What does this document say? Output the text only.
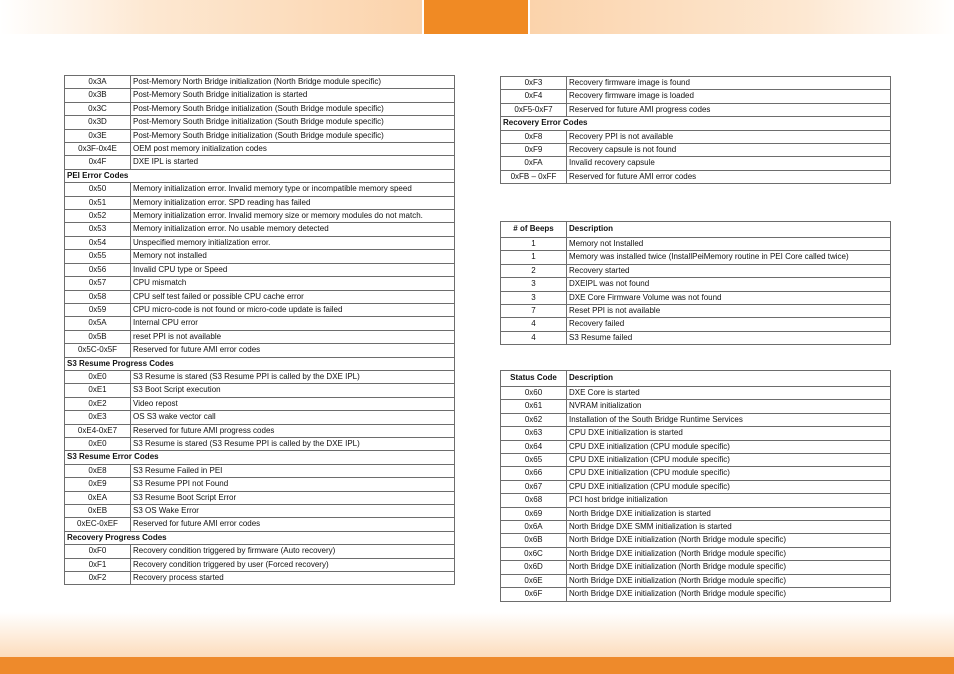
0x3A	Post-Memory North Bridge initialization (North Bridge module specific)
0x3B	Post-Memory South Bridge initialization is started
0x3C	Post-Memory South Bridge initialization (South Bridge module specific)
0x3D	Post-Memory South Bridge initialization (South Bridge module specific)
0x3E	Post-Memory South Bridge initialization (South Bridge module specific)
0x3F-0x4E	OEM post memory initialization codes
0x4F	DXE IPL is started
PEI Error Codes	
0x50	Memory initialization error. Invalid memory type or incompatible memory speed
0x51	Memory initialization error. SPD reading has failed
0x52	Memory initialization error. Invalid memory size or memory modules do not match.
0x53	Memory initialization error. No usable memory detected
0x54	Unspecified memory initialization error.
0x55	Memory not installed
0x56	Invalid CPU type or Speed
0x57	CPU mismatch
0x58	CPU self test failed or possible CPU cache error
0x59	CPU micro-code is not found or micro-code update is failed
0x5A	Internal CPU error
0x5B	reset PPI is not available
0x5C-0x5F	Reserved for future AMI error codes
S3 Resume Progress Codes	
0xE0	S3 Resume is stared (S3 Resume PPI is called by the DXE IPL)
0xE1	S3 Boot Script execution
0xE2	Video repost
0xE3	OS S3 wake vector call
0xE4-0xE7	Reserved for future AMI progress codes
0xE0	S3 Resume is stared (S3 Resume PPI is called by the DXE IPL)
S3 Resume Error Codes	
0xE8	S3 Resume Failed in PEI
0xE9	S3 Resume PPI not Found
0xEA	S3 Resume Boot Script Error
0xEB	S3 OS Wake Error
0xEC-0xEF	Reserved for future AMI error codes
Recovery Progress Codes	
0xF0	Recovery condition triggered by firmware (Auto recovery)
0xF1	Recovery condition triggered by user (Forced recovery)
0xF2	Recovery process started
0xF3	Recovery firmware image is found
0xF4	Recovery firmware image is loaded
0xF5-0xF7	Reserved for future AMI progress codes
Recovery Error Codes	
0xF8	Recovery PPI is not available
0xF9	Recovery capsule is not found
0xFA	Invalid recovery capsule
0xFB – 0xFF	Reserved for future AMI error codes
# of Beeps	Description
1	Memory not Installed
1	Memory was installed twice (InstallPeiMemory routine in PEI Core called twice)
2	Recovery started
3	DXEIPL was not found
3	DXE Core Firmware Volume was not found
7	Reset PPI is not available
4	Recovery failed
4	S3 Resume failed
Status Code	Description
0x60	DXE Core is started
0x61	NVRAM initialization
0x62	Installation of the South Bridge Runtime Services
0x63	CPU DXE initialization is started
0x64	CPU DXE initialization (CPU module specific)
0x65	CPU DXE initialization (CPU module specific)
0x66	CPU DXE initialization (CPU module specific)
0x67	CPU DXE initialization (CPU module specific)
0x68	PCI host bridge initialization
0x69	North Bridge DXE initialization is started
0x6A	North Bridge DXE SMM initialization is started
0x6B	North Bridge DXE initialization (North Bridge module specific)
0x6C	North Bridge DXE initialization (North Bridge module specific)
0x6D	North Bridge DXE initialization (North Bridge module specific)
0x6E	North Bridge DXE initialization (North Bridge module specific)
0x6F	North Bridge DXE initialization (North Bridge module specific)
